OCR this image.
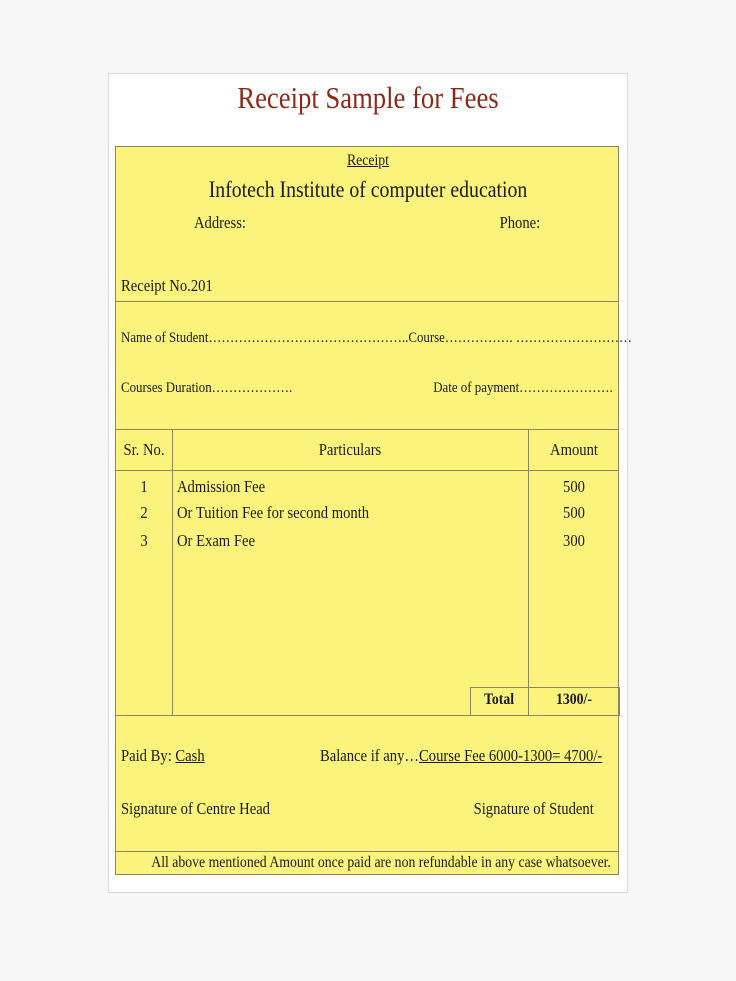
Receipt Sample for Fees
Receipt
Infotech Institute of computer education
Address:	Phone:
Receipt No.201
Name of Student………………………………………..Course……………. ………………………
Courses Duration……………….	Date of payment………………….
Sr. No.	Particulars	Amount
1	Admission Fee	500
2	Or Tuition Fee for second month	500
3	Or Exam Fee	300
Total	1300/-
Paid By: Cash	Balance if any…Course Fee 6000-1300= 4700/-
Signature of Centre Head	Signature of Student
All above mentioned Amount once paid are non refundable in any case whatsoever.
